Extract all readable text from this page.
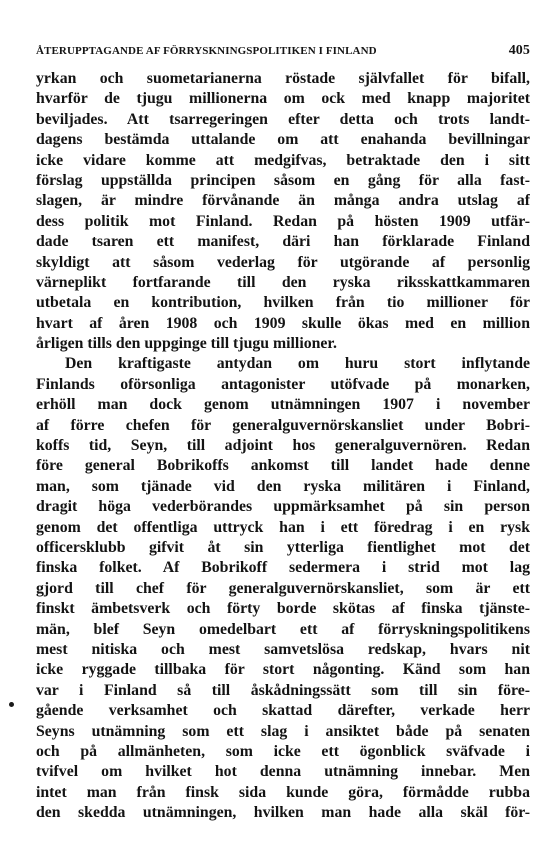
ÅTERUPPTAGANDE AF FÖRRYSKNINGSPOLITIKEN I FINLAND	405
yrkan och suometarianerna röstade självfallet för bifall,
hvarför de tjugu millionerna om ock med knapp majoritet
beviljades. Att tsarregeringen efter detta och trots landt-
dagens bestämda uttalande om att enahanda bevillningar
icke vidare komme att medgifvas, betraktade den i sitt
förslag uppställda principen såsom en gång för alla fast-
slagen, är mindre förvånande än många andra utslag af
dess politik mot Finland. Redan på hösten 1909 utfär-
dade tsaren ett manifest, däri han förklarade Finland
skyldigt att såsom vederlag för utgörande af personlig
värneplikt fortfarande till den ryska riksskattkammaren
utbetala en kontribution, hvilken från tio millioner för
hvart af åren 1908 och 1909 skulle ökas med en million
årligen tills den uppginge till tjugu millioner.
Den kraftigaste antydan om huru stort inflytande
Finlands oförsonliga antagonister utöfvade på monarken,
erhöll man dock genom utnämningen 1907 i november
af förre chefen för generalguvernörskansliet under Bobri-
koffs tid, Seyn, till adjoint hos generalguvernören. Redan
före general Bobrikoffs ankomst till landet hade denne
man, som tjänade vid den ryska militären i Finland,
dragit höga vederbörandes uppmärksamhet på sin person
genom det offentliga uttryck han i ett föredrag i en rysk
officersklubb gifvit åt sin ytterliga fientlighet mot det
finska folket. Af Bobrikoff sedermera i strid mot lag
gjord till chef för generalguvernörskansliet, som är ett
finskt ämbetsverk och förty borde skötas af finska tjänste-
män, blef Seyn omedelbart ett af förryskningspolitikens
mest nitiska och mest samvetslösa redskap, hvars nit
icke ryggade tillbaka för stort någonting. Känd som han
var i Finland så till åskådningssätt som till sin före-
gående verksamhet och skattad därefter, verkade herr
Seyns utnämning som ett slag i ansiktet både på senaten
och på allmänheten, som icke ett ögonblick sväfvade i
tvifvel om hvilket hot denna utnämning innebar. Men
intet man från finsk sida kunde göra, förmådde rubba
den skedda utnämningen, hvilken man hade alla skäl för-
